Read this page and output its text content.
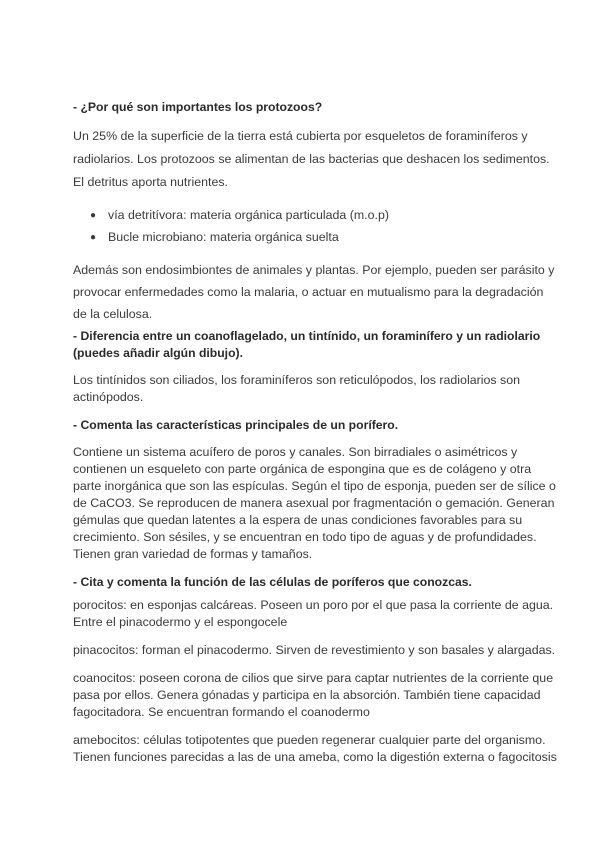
- ¿Por qué son importantes los protozoos?
Un 25% de la superficie de la tierra está cubierta por esqueletos de foraminíferos y
radiolarios. Los protozoos se alimentan de las bacterias que deshacen los sedimentos.
El detritus aporta nutrientes.
● vía detritívora: materia orgánica particulada (m.o.p)
● Bucle microbiano: materia orgánica suelta
Además son endosimbiontes de animales y plantas. Por ejemplo, pueden ser parásito y
provocar enfermedades como la malaria, o actuar en mutualismo para la degradación
de la celulosa.
- Diferencia entre un coanoflagelado, un tintínido, un foraminífero y un radiolario
(puedes añadir algún dibujo).
Los tintínidos son ciliados, los foraminíferos son reticulópodos, los radiolarios son
actinópodos.
- Comenta las características principales de un porífero.
Contiene un sistema acuífero de poros y canales. Son birradiales o asimétricos y
contienen un esqueleto con parte orgánica de espongina que es de colágeno y otra
parte inorgánica que son las espículas. Según el tipo de esponja, pueden ser de sílice o
de CaCO3. Se reproducen de manera asexual por fragmentación o gemación. Generan
gémulas que quedan latentes a la espera de unas condiciones favorables para su
crecimiento. Son sésiles, y se encuentran en todo tipo de aguas y de profundidades.
Tienen gran variedad de formas y tamaños.
- Cita y comenta la función de las células de poríferos que conozcas.
porocitos: en esponjas calcáreas. Poseen un poro por el que pasa la corriente de agua.
Entre el pinacodermo y el espongocele
pinacocitos: forman el pinacodermo. Sirven de revestimiento y son basales y alargadas.
coanocitos: poseen corona de cilios que sirve para captar nutrientes de la corriente que
pasa por ellos. Genera gónadas y participa en la absorción. También tiene capacidad
fagocitadora. Se encuentran formando el coanodermo
amebocitos: células totipotentes que pueden regenerar cualquier parte del organismo.
Tienen funciones parecidas a las de una ameba, como la digestión externa o fagocitosis
